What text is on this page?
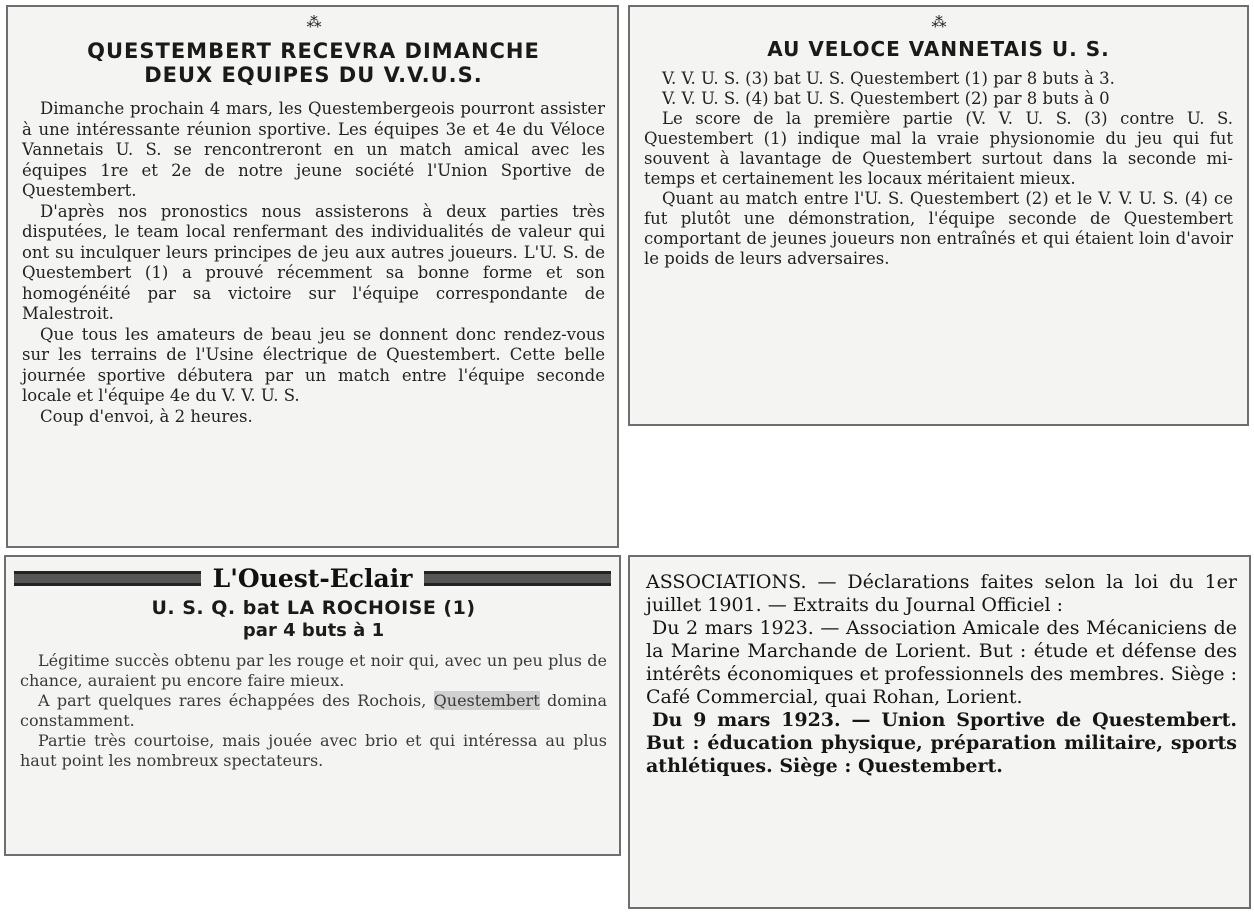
⁂
QUESTEMBERT RECEVRA DIMANCHE
DEUX EQUIPES DU V.V.U.S.

Dimanche prochain 4 mars, les Questembergeois pourront assister à une intéressante réunion sportive. Les équipes 3e et 4e du Véloce Vannetais U. S. se rencontreront en un match amical avec les équipes 1re et 2e de notre jeune société l'Union Sportive de Questembert.

D'après nos pronostics nous assisterons à deux parties très disputées, le team local renfermant des individualités de valeur qui ont su inculquer leurs principes de jeu aux autres joueurs. L'U. S. de Questembert (1) a prouvé récemment sa bonne forme et son homogénéité par sa victoire sur l'équipe correspondante de Malestroit.

Que tous les amateurs de beau jeu se donnent donc rendez-vous sur les terrains de l'Usine électrique de Questembert. Cette belle journée sportive débutera par un match entre l'équipe seconde locale et l'équipe 4e du V. V. U. S.

Coup d'envoi, à 2 heures.

⁂
AU VELOCE VANNETAIS U. S.

V. V. U. S. (3) bat U. S. Questembert (1) par 8 buts à 3.

V. V. U. S. (4) bat U. S. Questembert (2) par 8 buts à 0

Le score de la première partie (V. V. U. S. (3) contre U. S. Questembert (1) indique mal la vraie physionomie du jeu qui fut souvent à lavantage de Questembert surtout dans la seconde mi-temps et certainement les locaux méritaient mieux.

Quant au match entre l'U. S. Questembert (2) et le V. V. U. S. (4) ce fut plutôt une démonstration, l'équipe seconde de Questembert comportant de jeunes joueurs non entraînés et qui étaient loin d'avoir le poids de leurs adversaires.

L'Ouest-Eclair
U. S. Q. bat LA ROCHOISE (1)
par 4 buts à 1

Légitime succès obtenu par les rouge et noir qui, avec un peu plus de chance, auraient pu encore faire mieux.

A part quelques rares échappées des Rochois, Questembert domina constamment.

Partie très courtoise, mais jouée avec brio et qui intéressa au plus haut point les nombreux spectateurs.

ASSOCIATIONS. — Déclarations faites selon la loi du 1er juillet 1901. — Extraits du Journal Officiel :

Du 2 mars 1923. — Association Amicale des Mécaniciens de la Marine Marchande de Lorient. But : étude et défense des intérêts économiques et professionnels des membres. Siège : Café Commercial, quai Rohan, Lorient.

Du 9 mars 1923. — Union Sportive de Questembert. But : éducation physique, préparation militaire, sports athlétiques. Siège : Questembert.
